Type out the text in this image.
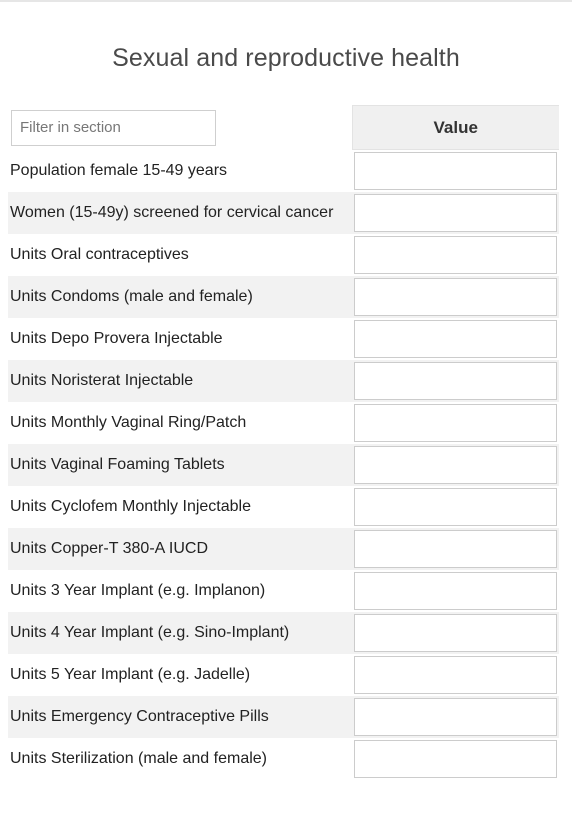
Sexual and reproductive health
Filter in section	Value
Population female 15-49 years	

Women (15-49y) screened for cervical cancer	

Units Oral contraceptives	

Units Condoms (male and female)	

Units Depo Provera Injectable	

Units Noristerat Injectable	

Units Monthly Vaginal Ring/Patch	

Units Vaginal Foaming Tablets	

Units Cyclofem Monthly Injectable	

Units Copper-T 380-A IUCD	

Units 3 Year Implant (e.g. Implanon)	

Units 4 Year Implant (e.g. Sino-Implant)	

Units 5 Year Implant (e.g. Jadelle)	

Units Emergency Contraceptive Pills	

Units Sterilization (male and female)	
